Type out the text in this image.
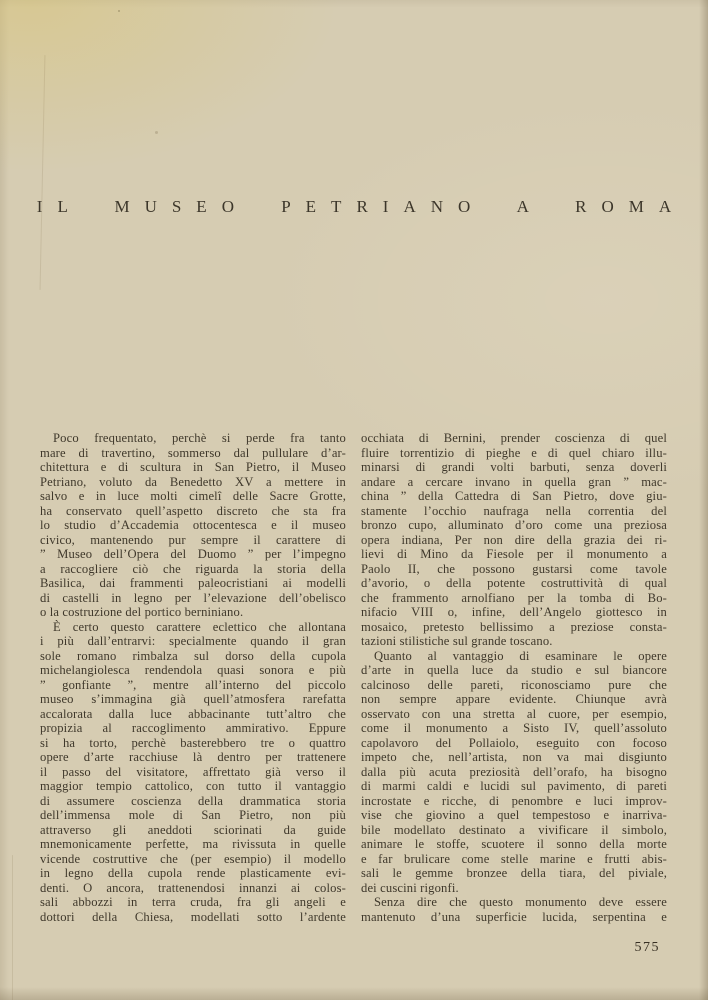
IL MUSEO PETRIANO A ROMA

Poco frequentato, perchè si perde fra tanto
mare di travertino, sommerso dal pullulare d’ar-
chitettura e di scultura in San Pietro, il Museo
Petriano, voluto da Benedetto XV a mettere in
salvo e in luce molti cimelî delle Sacre Grotte,
ha conservato quell’aspetto discreto che sta fra
lo studio d’Accademia ottocentesca e il museo
civico, mantenendo pur sempre il carattere di
” Museo dell’Opera del Duomo ” per l’impegno
a raccogliere ciò che riguarda la storia della
Basilica, dai frammenti paleocristiani ai modelli
di castelli in legno per l’elevazione dell’obelisco
o la costruzione del portico berniniano.

È certo questo carattere eclettico che allontana
i più dall’entrarvi: specialmente quando il gran
sole romano rimbalza sul dorso della cupola
michelangiolesca rendendola quasi sonora e più
” gonfiante ”, mentre all’interno del piccolo
museo s’immagina già quell’atmosfera rarefatta
accalorata dalla luce abbacinante tutt’altro che
propizia al raccoglimento ammirativo. Eppure
si ha torto, perchè basterebbero tre o quattro
opere d’arte racchiuse là dentro per trattenere
il passo del visitatore, affrettato già verso il
maggior tempio cattolico, con tutto il vantaggio
di assumere coscienza della drammatica storia
dell’immensa mole di San Pietro, non più
attraverso gli aneddoti sciorinati da guide
mnemonicamente perfette, ma rivissuta in quelle
vicende costruttive che (per esempio) il modello
in legno della cupola rende plasticamente evi-
denti. O ancora, trattenendosi innanzi ai colos-
sali abbozzi in terra cruda, fra gli angeli e
dottori della Chiesa, modellati sotto l’ardente

occhiata di Bernini, prender coscienza di quel
fluire torrentizio di pieghe e di quel chiaro illu-
minarsi di grandi volti barbuti, senza doverli
andare a cercare invano in quella gran ” mac-
china ” della Cattedra di San Pietro, dove giu-
stamente l’occhio naufraga nella correntia del
bronzo cupo, alluminato d’oro come una preziosa
opera indiana, Per non dire della grazia dei ri-
lievi di Mino da Fiesole per il monumento a
Paolo II, che possono gustarsi come tavole
d’avorio, o della potente costruttività di qual
che frammento arnolfiano per la tomba di Bo-
nifacio VIII o, infine, dell’Angelo giottesco in
mosaico, pretesto bellissimo a preziose consta-
tazioni stilistiche sul grande toscano.

Quanto al vantaggio di esaminare le opere
d’arte in quella luce da studio e sul biancore
calcinoso delle pareti, riconosciamo pure che
non sempre appare evidente. Chiunque avrà
osservato con una stretta al cuore, per esempio,
come il monumento a Sisto IV, quell’assoluto
capolavoro del Pollaiolo, eseguito con focoso
impeto che, nell’artista, non va mai disgiunto
dalla più acuta preziosità dell’orafo, ha bisogno
di marmi caldi e lucidi sul pavimento, di pareti
incrostate e ricche, di penombre e luci improv-
vise che giovino a quel tempestoso e inarriva-
bile modellato destinato a vivificare il simbolo,
animare le stoffe, scuotere il sonno della morte
e far brulicare come stelle marine e frutti abis-
sali le gemme bronzee della tiara, del piviale,
dei cuscini rigonfi.

Senza dire che questo monumento deve essere
mantenuto d’una superficie lucida, serpentina e

575
